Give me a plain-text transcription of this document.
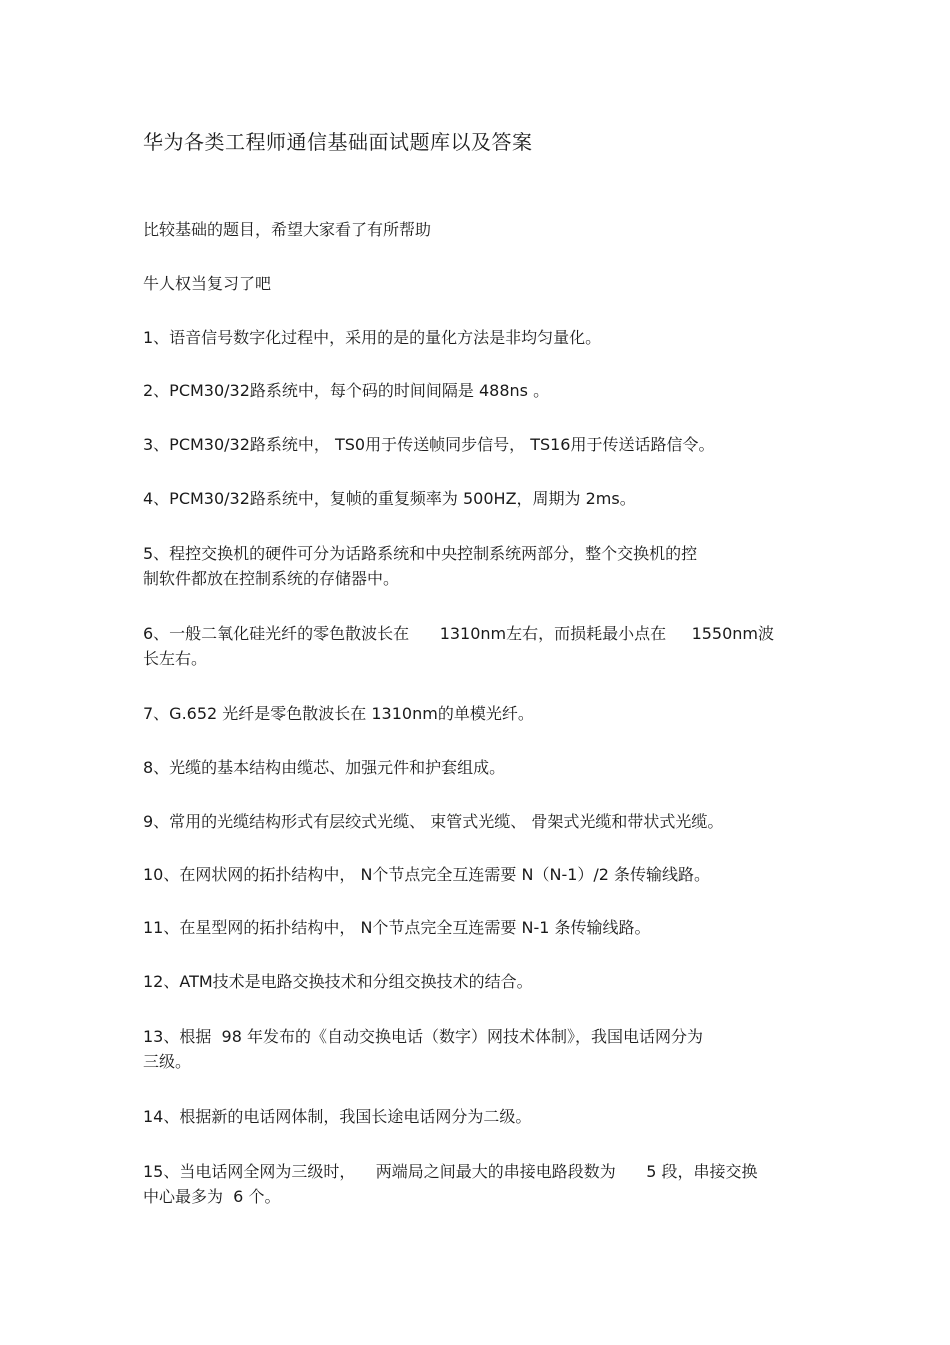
华为各类工程师通信基础面试题库以及答案
比较基础的题目，希望大家看了有所帮助
牛人权当复习了吧
1、语音信号数字化过程中，采用的是的量化方法是非均匀量化。
2、PCM30/32路系统中，每个码的时间间隔是 488ns 。
3、PCM30/32路系统中， TS0用于传送帧同步信号， TS16用于传送话路信令。
4、PCM30/32路系统中，复帧的重复频率为 500HZ，周期为 2ms。
5、程控交换机的硬件可分为话路系统和中央控制系统两部分，整个交换机的控
制软件都放在控制系统的存储器中。
6、一般二氧化硅光纤的零色散波长在      1310nm左右，而损耗最小点在     1550nm波
长左右。
7、G.652 光纤是零色散波长在 1310nm的单模光纤。
8、光缆的基本结构由缆芯、加强元件和护套组成。
9、常用的光缆结构形式有层绞式光缆、 束管式光缆、 骨架式光缆和带状式光缆。
10、在网状网的拓扑结构中， N个节点完全互连需要 N（N-1）/2 条传输线路。
11、在星型网的拓扑结构中， N个节点完全互连需要 N-1 条传输线路。
12、ATM技术是电路交换技术和分组交换技术的结合。
13、根据  98 年发布的《自动交换电话（数字）网技术体制》，我国电话网分为
三级。
14、根据新的电话网体制，我国长途电话网分为二级。
15、当电话网全网为三级时，    两端局之间最大的串接电路段数为      5 段，串接交换
中心最多为  6 个。
